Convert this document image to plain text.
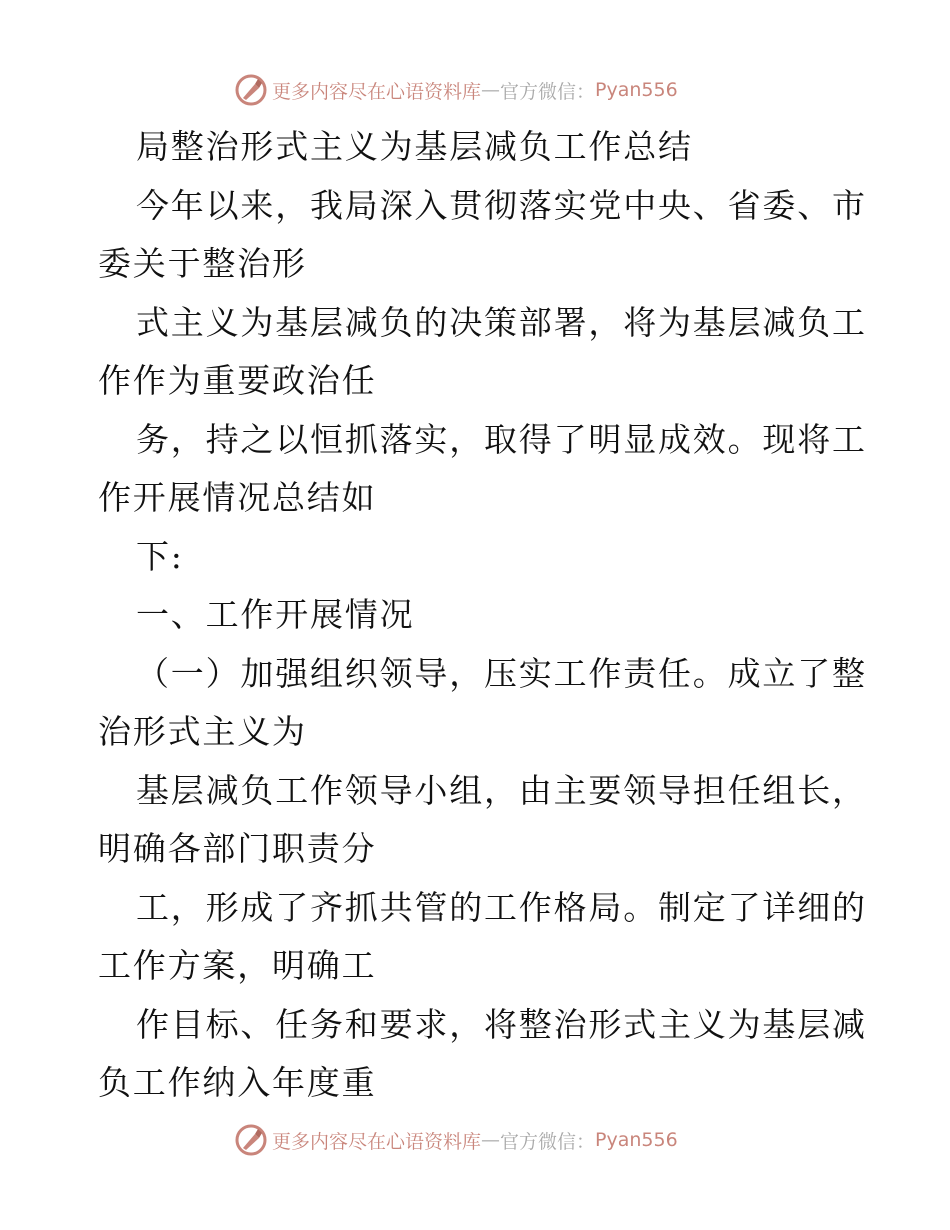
更多内容尽在心语资料库 — 官方微信： Pyan556
局整治形式主义为基层减负工作总结
今年以来，我局深入贯彻落实党中央、省委、市
委关于整治形
式主义为基层减负的决策部署，将为基层减负工
作作为重要政治任
务，持之以恒抓落实，取得了明显成效。现将工
作开展情况总结如
下:
一、工作开展情况
（一）加强组织领导，压实工作责任。成立了整
治形式主义为
基层减负工作领导小组，由主要领导担任组长，
明确各部门职责分
工，形成了齐抓共管的工作格局。制定了详细的
工作方案，明确工
作目标、任务和要求，将整治形式主义为基层减
负工作纳入年度重
更多内容尽在心语资料库 — 官方微信： Pyan556
